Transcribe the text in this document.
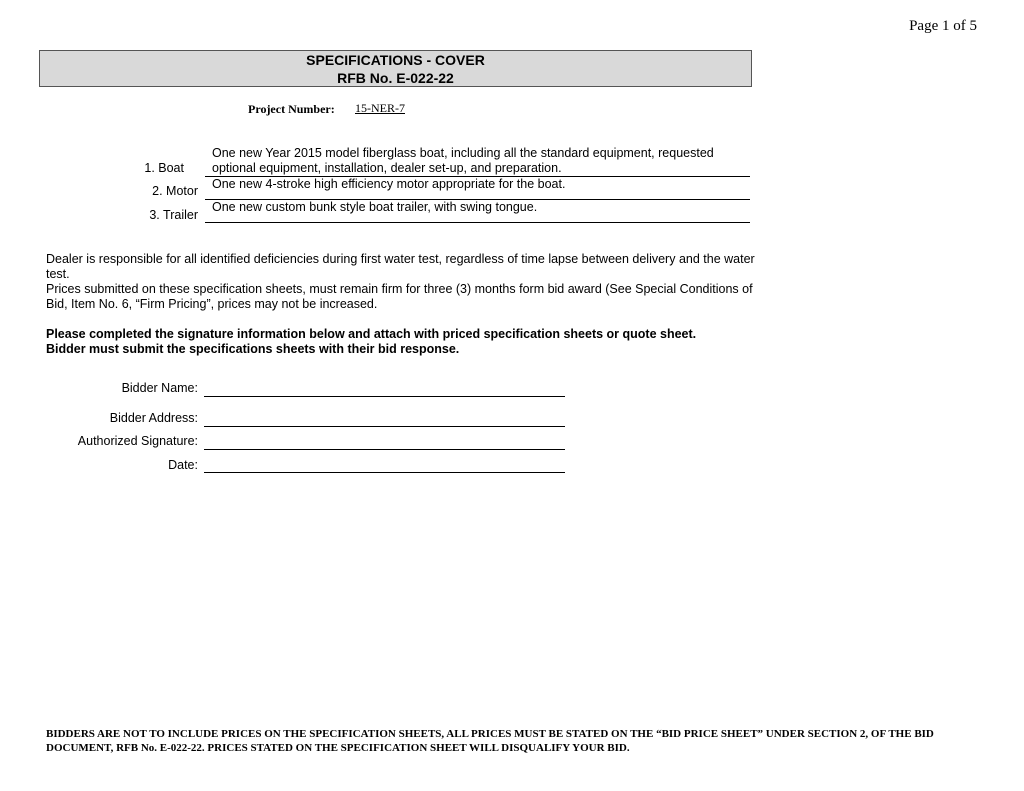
Page 1 of 5
SPECIFICATIONS - COVER
RFB No. E-022-22
Project Number: 15-NER-7
1. Boat
One new Year 2015 model fiberglass boat, including all the standard equipment, requested optional equipment, installation, dealer set-up, and preparation.
2. Motor One new 4-stroke high efficiency motor appropriate for the boat.
3. Trailer
One new custom bunk style boat trailer, with swing tongue.
Dealer is responsible for all identified deficiencies during first water test, regardless of time lapse between delivery and the water test.
Prices submitted on these specification sheets, must remain firm for three (3) months form bid award (See Special Conditions of Bid, Item No. 6, “Firm Pricing”, prices may not be increased.
Please completed the signature information below and attach with priced specification sheets or quote sheet.
Bidder must submit the specifications sheets with their bid response.
Bidder Name:
Bidder Address:
Authorized Signature:
Date:
BIDDERS ARE NOT TO INCLUDE PRICES ON THE SPECIFICATION SHEETS, ALL PRICES MUST BE STATED ON THE “BID PRICE SHEET” UNDER SECTION 2, OF THE BID DOCUMENT, RFB No. E-022-22. PRICES STATED ON THE SPECIFICATION SHEET WILL DISQUALIFY YOUR BID.
